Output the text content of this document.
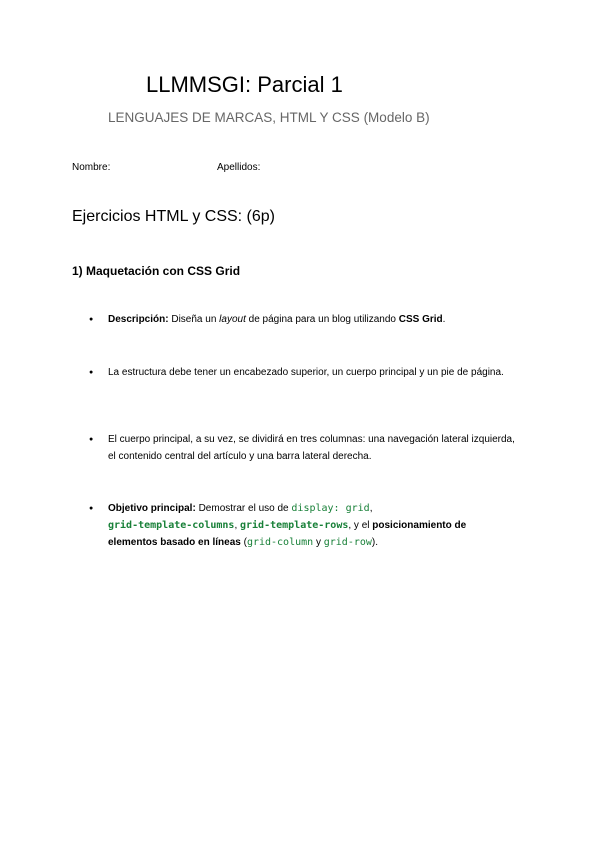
LLMMSGI: Parcial 1
LENGUAJES DE MARCAS, HTML Y CSS (Modelo B)
Nombre:	Apellidos:
Ejercicios HTML y CSS: (6p)
1) Maquetación con CSS Grid
● Descripción: Diseña un layout de página para un blog utilizando CSS Grid.
● La estructura debe tener un encabezado superior, un cuerpo principal y un pie de página.
● El cuerpo principal, a su vez, se dividirá en tres columnas: una navegación lateral izquierda, el contenido central del artículo y una barra lateral derecha.
● Objetivo principal: Demostrar el uso de display: grid,
grid-template-columns, grid-template-rows, y el posicionamiento de elementos basado en líneas (grid-column y grid-row).
